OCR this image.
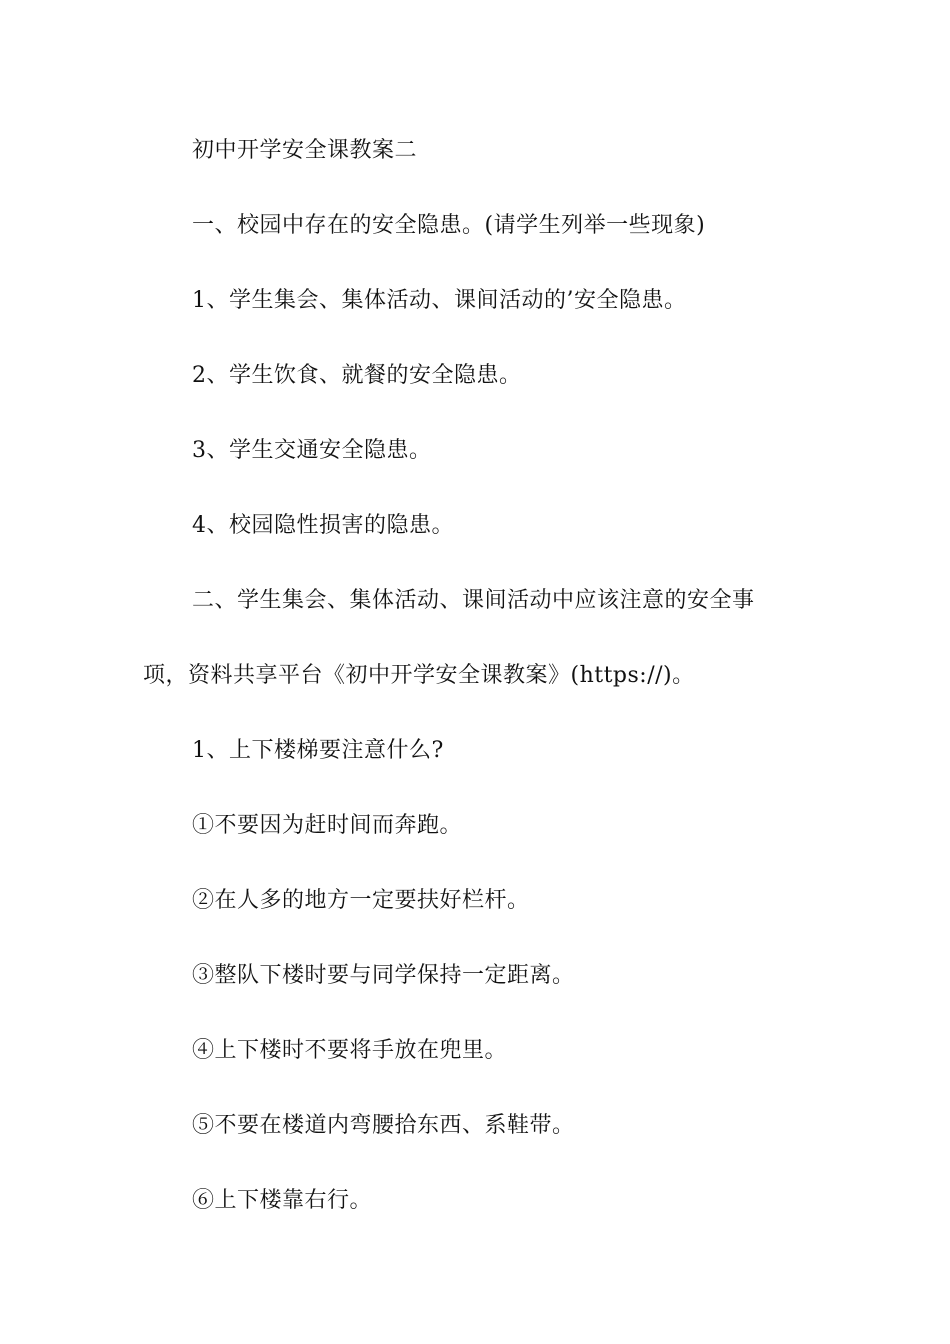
初中开学安全课教案二
一、校园中存在的安全隐患。(请学生列举一些现象)
1、学生集会、集体活动、课间活动的’安全隐患。
2、学生饮食、就餐的安全隐患。
3、学生交通安全隐患。
4、校园隐性损害的隐患。
二、学生集会、集体活动、课间活动中应该注意的安全事
项，资料共享平台《初中开学安全课教案》(https://)。
1、上下楼梯要注意什么?
①不要因为赶时间而奔跑。
②在人多的地方一定要扶好栏杆。
③整队下楼时要与同学保持一定距离。
④上下楼时不要将手放在兜里。
⑤不要在楼道内弯腰拾东西、系鞋带。
⑥上下楼靠右行。
